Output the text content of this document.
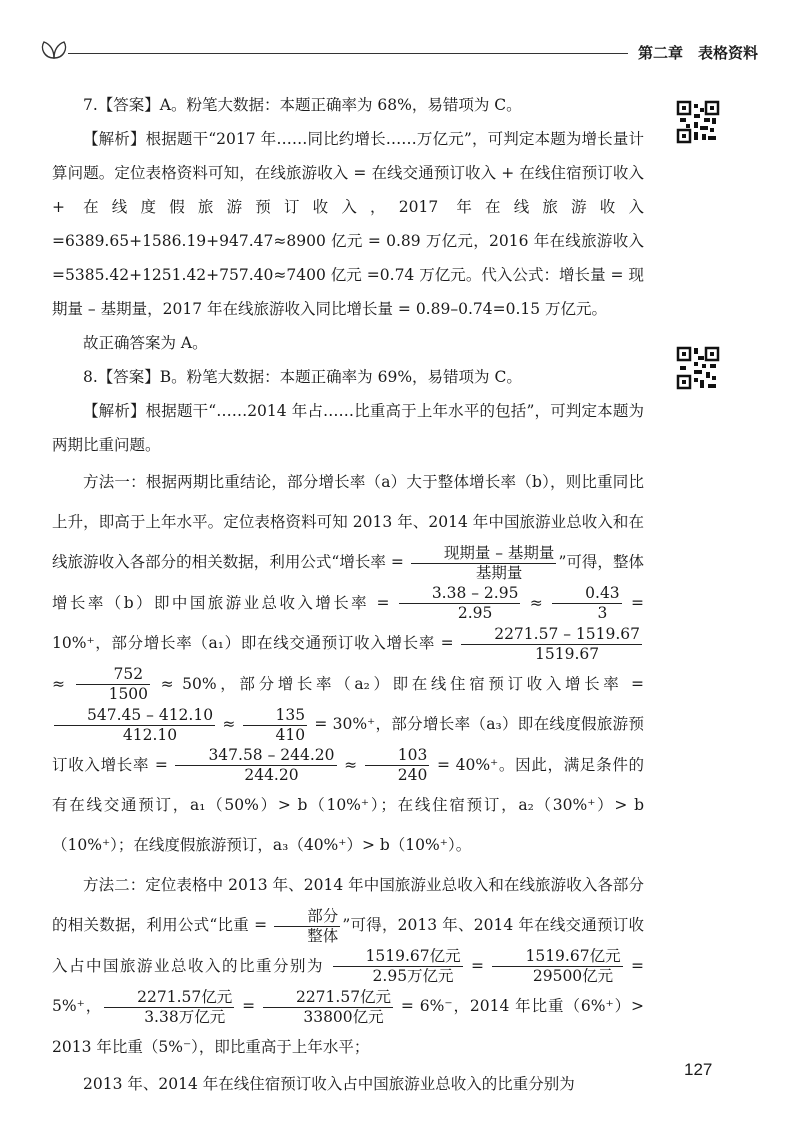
第二章　表格资料

7.【答案】A。粉笔大数据：本题正确率为 68%，易错项为 C。

【解析】根据题干“2017 年……同比约增长……万亿元”，可判定本题为增长量计算问题。定位表格资料可知，在线旅游收入 = 在线交通预订收入 + 在线住宿预订收入 + 在线度假旅游预订收入，2017 年在线旅游收入 =6389.65+1586.19+947.47≈8900 亿元 = 0.89 万亿元，2016 年在线旅游收入 =5385.42+1251.42+757.40≈7400 亿元 =0.74 万亿元。代入公式：增长量 = 现期量 – 基期量，2017 年在线旅游收入同比增长量 = 0.89–0.74=0.15 万亿元。

故正确答案为 A。

8.【答案】B。粉笔大数据：本题正确率为 69%，易错项为 C。

【解析】根据题干“……2014 年占……比重高于上年水平的包括”，可判定本题为两期比重问题。

方法一：根据两期比重结论，部分增长率（a）大于整体增长率（b），则比重同比上升，即高于上年水平。定位表格资料可知 2013 年、2014 年中国旅游业总收入和在线旅游收入各部分的相关数据，利用公式“增长率 = $\frac{\text{现期量 – 基期量}}{\text{基期量}}$ ”可得，整体增长率（b）即中国旅游业总收入增长率 = $\frac{3.38 - 2.95}{2.95} \approx \frac{0.43}{3} = 10\%^+$，部分增长率（a₁）即在线交通预订收入增长率 = $\frac{2271.57 - 1519.67}{1519.67}$
≈ $\frac{752}{1500} \approx 50\%$，部分增长率（a₂）即在线住宿预订收入增长率 =
$\frac{547.45 - 412.10}{412.10} \approx \frac{135}{410} = 30\%^+$，部分增长率（a₃）即在线度假旅游预订收入增长率 = $\frac{347.58 - 244.20}{244.20} \approx \frac{103}{240} = 40\%^+$。因此，满足条件的有在线交通预订，a₁（50%）> b（10%⁺）；在线住宿预订，a₂（30%⁺）> b（10%⁺）；在线度假旅游预订，a₃（40%⁺）> b（10%⁺）。

方法二：定位表格中 2013 年、2014 年中国旅游业总收入和在线旅游收入各部分的相关数据，利用公式“比重 = $\frac{\text{部分}}{\text{整体}}$ ”可得，2013 年、2014 年在线交通预订收入占中国旅游业总收入的比重分别为 $\frac{\text{1519.67亿元}}{\text{2.95万亿元}} = \frac{\text{1519.67亿元}}{\text{29500亿元}} = 5\%^+$， $\frac{\text{2271.57亿元}}{\text{3.38万亿元}} = \frac{\text{2271.57亿元}}{\text{33800亿元}} = 6\%^-$，2014 年比重（6%⁺）> 2013 年比重（5%⁻），即比重高于上年水平；

2013 年、2014 年在线住宿预订收入占中国旅游业总收入的比重分别为

127
